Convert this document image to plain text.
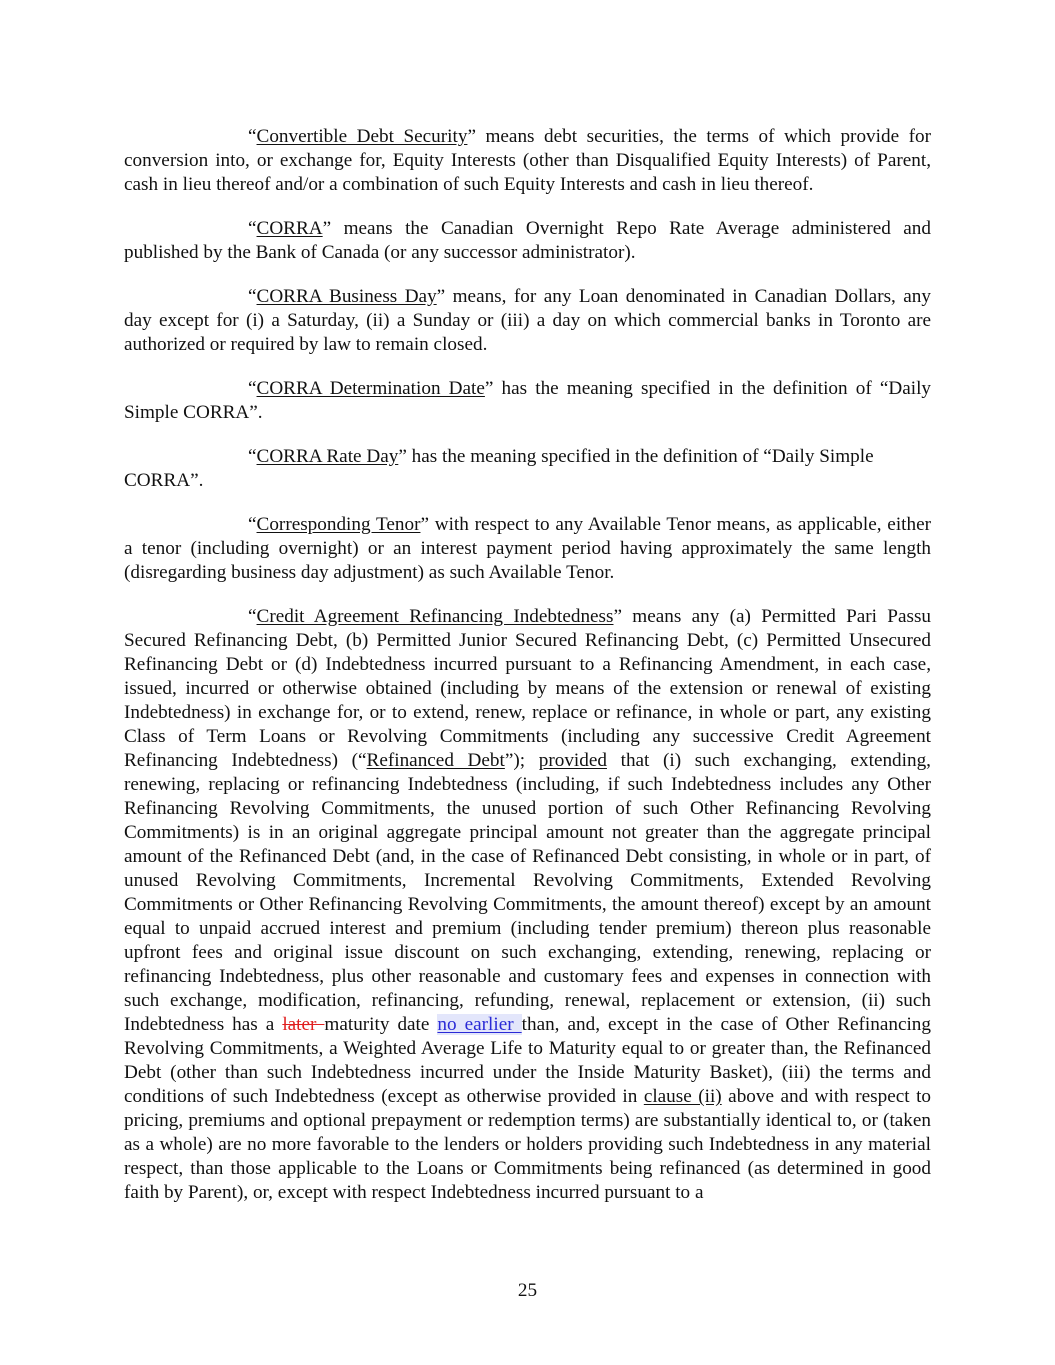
“Convertible Debt Security” means debt securities, the terms of which provide for conversion into, or exchange for, Equity Interests (other than Disqualified Equity Interests) of Parent, cash in lieu thereof and/or a combination of such Equity Interests and cash in lieu thereof.

“CORRA” means the Canadian Overnight Repo Rate Average administered and published by the Bank of Canada (or any successor administrator).

“CORRA Business Day” means, for any Loan denominated in Canadian Dollars, any day except for (i) a Saturday, (ii) a Sunday or (iii) a day on which commercial banks in Toronto are authorized or required by law to remain closed.

“CORRA Determination Date” has the meaning specified in the definition of “Daily Simple CORRA”.

“CORRA Rate Day” has the meaning specified in the definition of “Daily Simple CORRA”.

“Corresponding Tenor” with respect to any Available Tenor means, as applicable, either a tenor (including overnight) or an interest payment period having approximately the same length (disregarding business day adjustment) as such Available Tenor.

“Credit Agreement Refinancing Indebtedness” means any (a) Permitted Pari Passu Secured Refinancing Debt, (b) Permitted Junior Secured Refinancing Debt, (c) Permitted Unsecured Refinancing Debt or (d) Indebtedness incurred pursuant to a Refinancing Amendment, in each case, issued, incurred or otherwise obtained (including by means of the extension or renewal of existing Indebtedness) in exchange for, or to extend, renew, replace or refinance, in whole or part, any existing Class of Term Loans or Revolving Commitments (including any successive Credit Agreement Refinancing Indebtedness) (“Refinanced Debt”); provided that (i) such exchanging, extending, renewing, replacing or refinancing Indebtedness (including, if such Indebtedness includes any Other Refinancing Revolving Commitments, the unused portion of such Other Refinancing Revolving Commitments) is in an original aggregate principal amount not greater than the aggregate principal amount of the Refinanced Debt (and, in the case of Refinanced Debt consisting, in whole or in part, of unused Revolving Commitments, Incremental Revolving Commitments, Extended Revolving Commitments or Other Refinancing Revolving Commitments, the amount thereof) except by an amount equal to unpaid accrued interest and premium (including tender premium) thereon plus reasonable upfront fees and original issue discount on such exchanging, extending, renewing, replacing or refinancing Indebtedness, plus other reasonable and customary fees and expenses in connection with such exchange, modification, refinancing, refunding, renewal, replacement or extension, (ii) such Indebtedness has a later maturity date no earlier than, and, except in the case of Other Refinancing Revolving Commitments, a Weighted Average Life to Maturity equal to or greater than, the Refinanced Debt (other than such Indebtedness incurred under the Inside Maturity Basket), (iii) the terms and conditions of such Indebtedness (except as otherwise provided in clause (ii) above and with respect to pricing, premiums and optional prepayment or redemption terms) are substantially identical to, or (taken as a whole) are no more favorable to the lenders or holders providing such Indebtedness in any material respect, than those applicable to the Loans or Commitments being refinanced (as determined in good faith by Parent), or, except with respect Indebtedness incurred pursuant to a

25
